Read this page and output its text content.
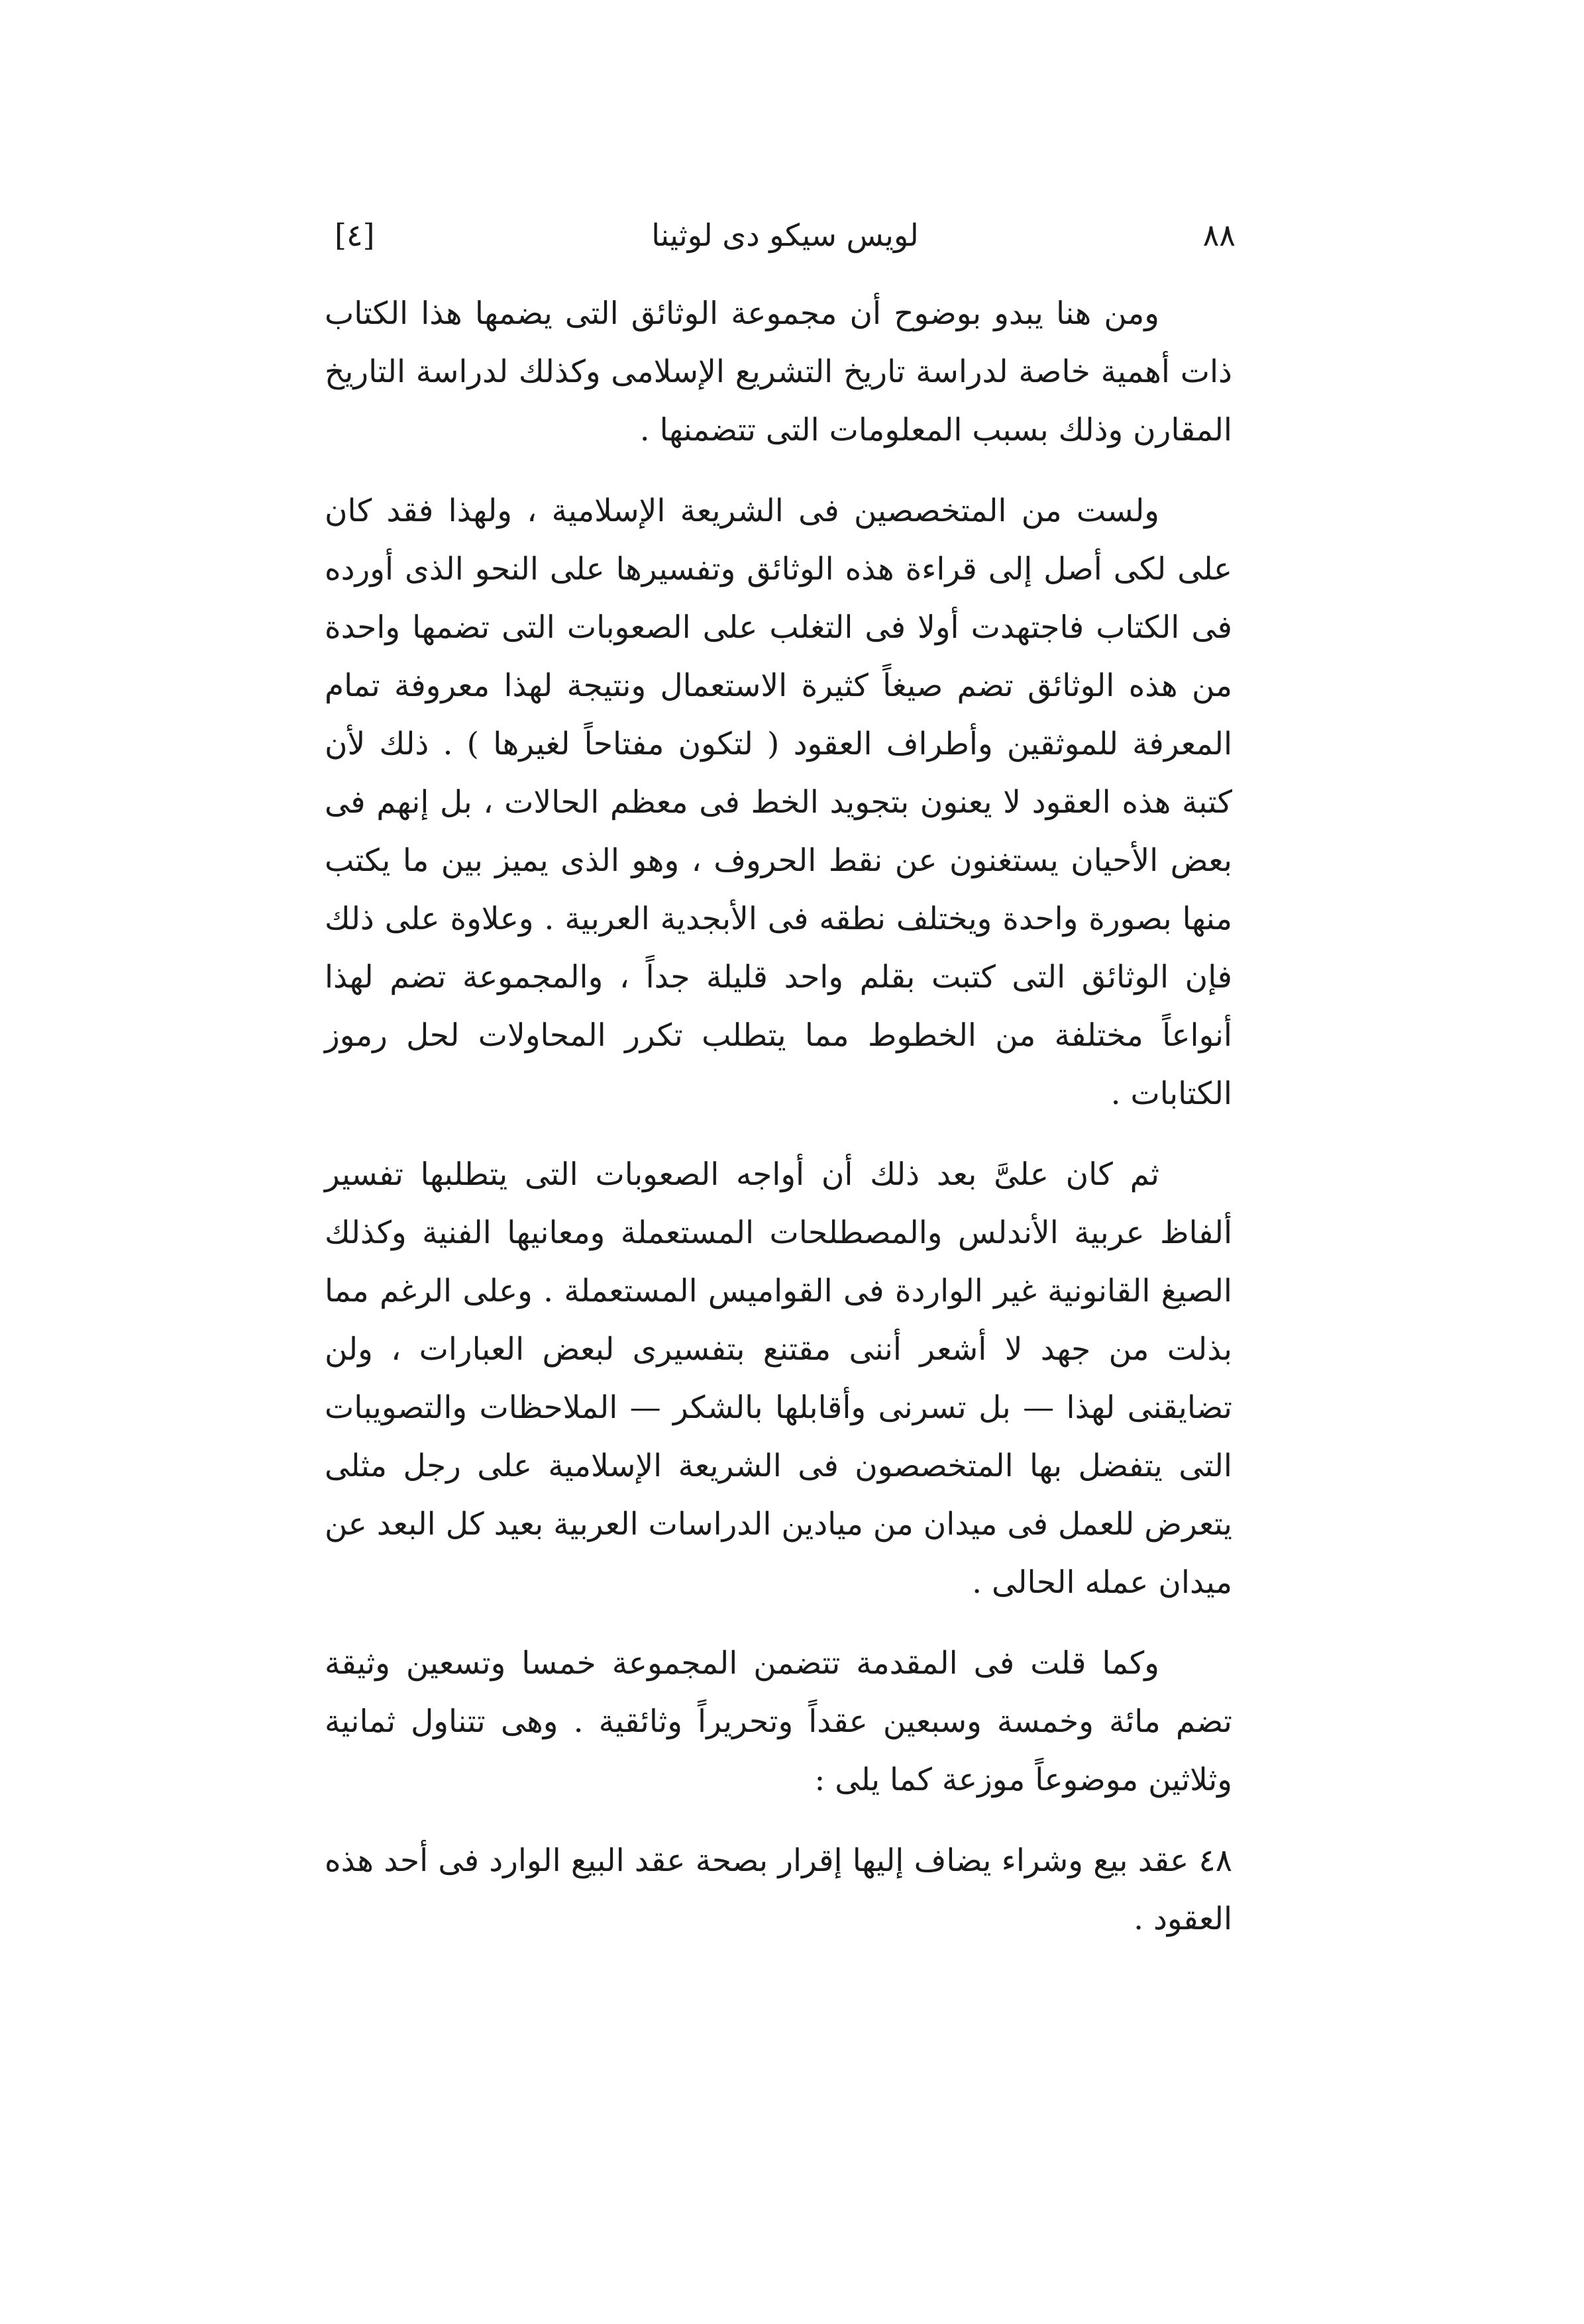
[٤]	لويس سيكو دى لوثينا	٨٨

ومن هنا يبدو بوضوح أن مجموعة الوثائق التى يضمها هذا الكتاب ذات أهمية خاصة لدراسة تاريخ التشريع الإسلامى وكذلك لدراسة التاريخ المقارن وذلك بسبب المعلومات التى تتضمنها .

ولست من المتخصصين فى الشريعة الإسلامية ، ولهذا فقد كان على لكى أصل إلى قراءة هذه الوثائق وتفسيرها على النحو الذى أورده فى الكتاب فاجتهدت أولا فى التغلب على الصعوبات التى تضمها واحدة من هذه الوثائق تضم صيغاً كثيرة الاستعمال ونتيجة لهذا معروفة تمام المعرفة للموثقين وأطراف العقود ( لتكون مفتاحاً لغيرها ) . ذلك لأن كتبة هذه العقود لا يعنون بتجويد الخط فى معظم الحالات ، بل إنهم فى بعض الأحيان يستغنون عن نقط الحروف ، وهو الذى يميز بين ما يكتب منها بصورة واحدة ويختلف نطقه فى الأبجدية العربية . وعلاوة على ذلك فإن الوثائق التى كتبت بقلم واحد قليلة جداً ، والمجموعة تضم لهذا أنواعاً مختلفة من الخطوط مما يتطلب تكرر المحاولات لحل رموز الكتابات .

ثم كان علىَّ بعد ذلك أن أواجه الصعوبات التى يتطلبها تفسير ألفاظ عربية الأندلس والمصطلحات المستعملة ومعانيها الفنية وكذلك الصيغ القانونية غير الواردة فى القواميس المستعملة . وعلى الرغم مما بذلت من جهد لا أشعر أننى مقتنع بتفسيرى لبعض العبارات ، ولن تضايقنى لهذا — بل تسرنى وأقابلها بالشكر — الملاحظات والتصويبات التى يتفضل بها المتخصصون فى الشريعة الإسلامية على رجل مثلى يتعرض للعمل فى ميدان من ميادين الدراسات العربية بعيد كل البعد عن ميدان عمله الحالى .

وكما قلت فى المقدمة تتضمن المجموعة خمسا وتسعين وثيقة تضم مائة وخمسة وسبعين عقداً وتحريراً وثائقية . وهى تتناول ثمانية وثلاثين موضوعاً موزعة كما يلى :

٤٨ عقد بيع وشراء يضاف إليها إقرار بصحة عقد البيع الوارد فى أحد هذه العقود .
